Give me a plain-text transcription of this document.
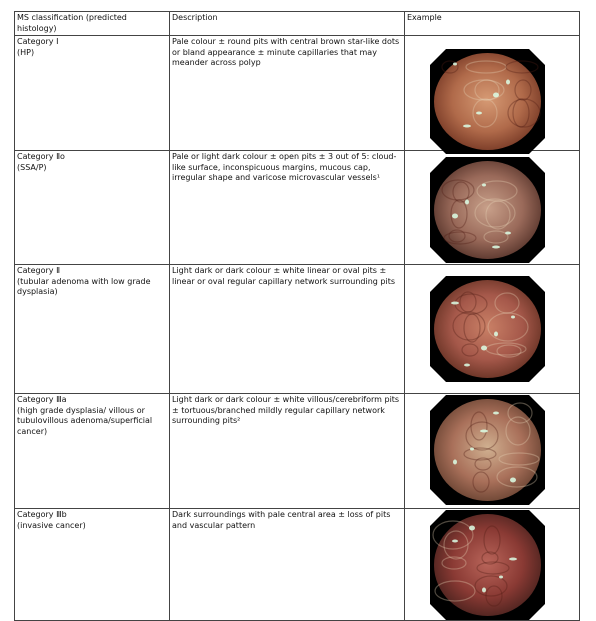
MS classification (predicted histology)	Description	Example

Category Ⅰ
(HP)	Pale colour ± round pits with central brown star-like dots or bland appearance ± minute capillaries that may meander across polyp	

Category Ⅱo
(SSA/P)	Pale or light dark colour ± open pits ± 3 out of 5: cloud-like surface, inconspicuous margins, mucous cap, irregular shape and varicose microvascular vessels¹	

Category Ⅱ
(tubular adenoma with low grade dysplasia)	Light dark or dark colour ± white linear or oval pits ± linear or oval regular capillary network surrounding pits	

Category Ⅲa
(high grade dysplasia/ villous or tubulovillous adenoma/superficial cancer)	Light dark or dark colour ± white villous/cerebriform pits ± tortuous/branched mildly regular capillary network surrounding pits²	

Category Ⅲb
(invasive cancer)	Dark surroundings with pale central area ± loss of pits and vascular pattern	
